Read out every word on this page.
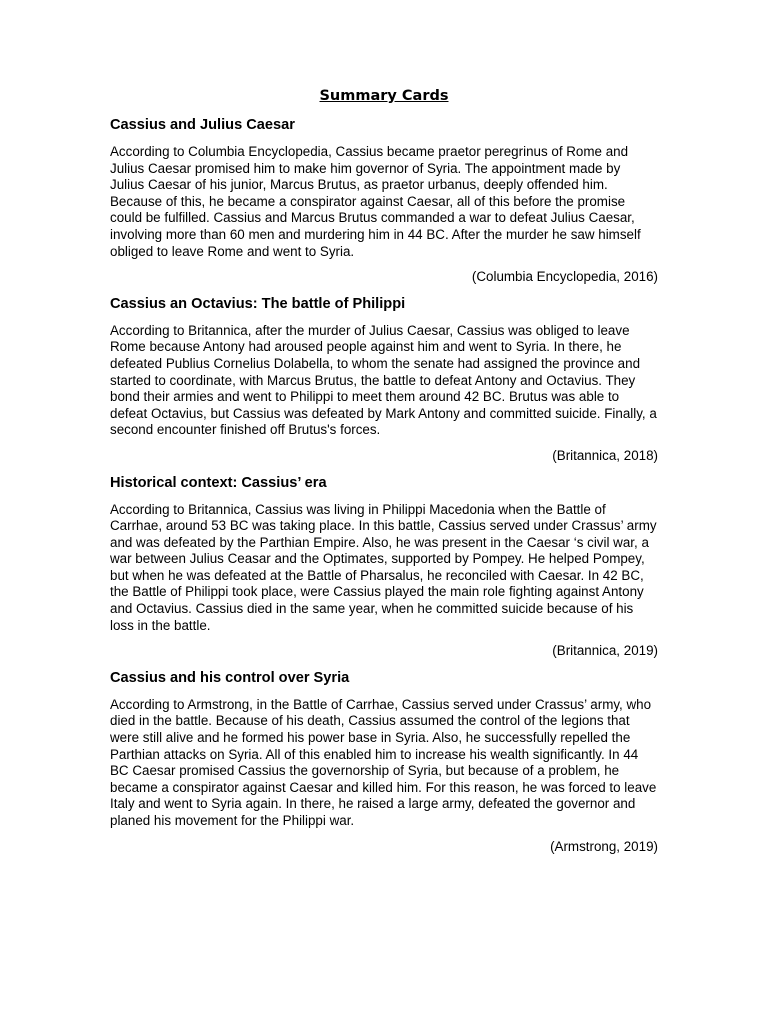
Summary Cards
Cassius and Julius Caesar

According to Columbia Encyclopedia, Cassius became praetor peregrinus of Rome and Julius Caesar promised him to make him governor of Syria. The appointment made by Julius Caesar of his junior, Marcus Brutus, as praetor urbanus, deeply offended him. Because of this, he became a conspirator against Caesar, all of this before the promise could be fulfilled. Cassius and Marcus Brutus commanded a war to defeat Julius Caesar, involving more than 60 men and murdering him in 44 BC. After the murder he saw himself obliged to leave Rome and went to Syria.

(Columbia Encyclopedia, 2016)

Cassius an Octavius: The battle of Philippi

According to Britannica, after the murder of Julius Caesar, Cassius was obliged to leave Rome because Antony had aroused people against him and went to Syria. In there, he defeated Publius Cornelius Dolabella, to whom the senate had assigned the province and started to coordinate, with Marcus Brutus, the battle to defeat Antony and Octavius. They bond their armies and went to Philippi to meet them around 42 BC. Brutus was able to defeat Octavius, but Cassius was defeated by Mark Antony and committed suicide. Finally, a second encounter finished off Brutus's forces.

(Britannica, 2018)

Historical context: Cassius’ era

According to Britannica, Cassius was living in Philippi Macedonia when the Battle of Carrhae, around 53 BC was taking place. In this battle, Cassius served under Crassus’ army and was defeated by the Parthian Empire. Also, he was present in the Caesar ‘s civil war, a war between Julius Ceasar and the Optimates, supported by Pompey. He helped Pompey, but when he was defeated at the Battle of Pharsalus, he reconciled with Caesar. In 42 BC, the Battle of Philippi took place, were Cassius played the main role fighting against Antony and Octavius. Cassius died in the same year, when he committed suicide because of his loss in the battle.

(Britannica, 2019)

Cassius and his control over Syria

According to Armstrong, in the Battle of Carrhae, Cassius served under Crassus’ army, who died in the battle. Because of his death, Cassius assumed the control of the legions that were still alive and he formed his power base in Syria. Also, he successfully repelled the Parthian attacks on Syria. All of this enabled him to increase his wealth significantly. In 44 BC Caesar promised Cassius the governorship of Syria, but because of a problem, he became a conspirator against Caesar and killed him. For this reason, he was forced to leave Italy and went to Syria again. In there, he raised a large army, defeated the governor and planed his movement for the Philippi war.

(Armstrong, 2019)
